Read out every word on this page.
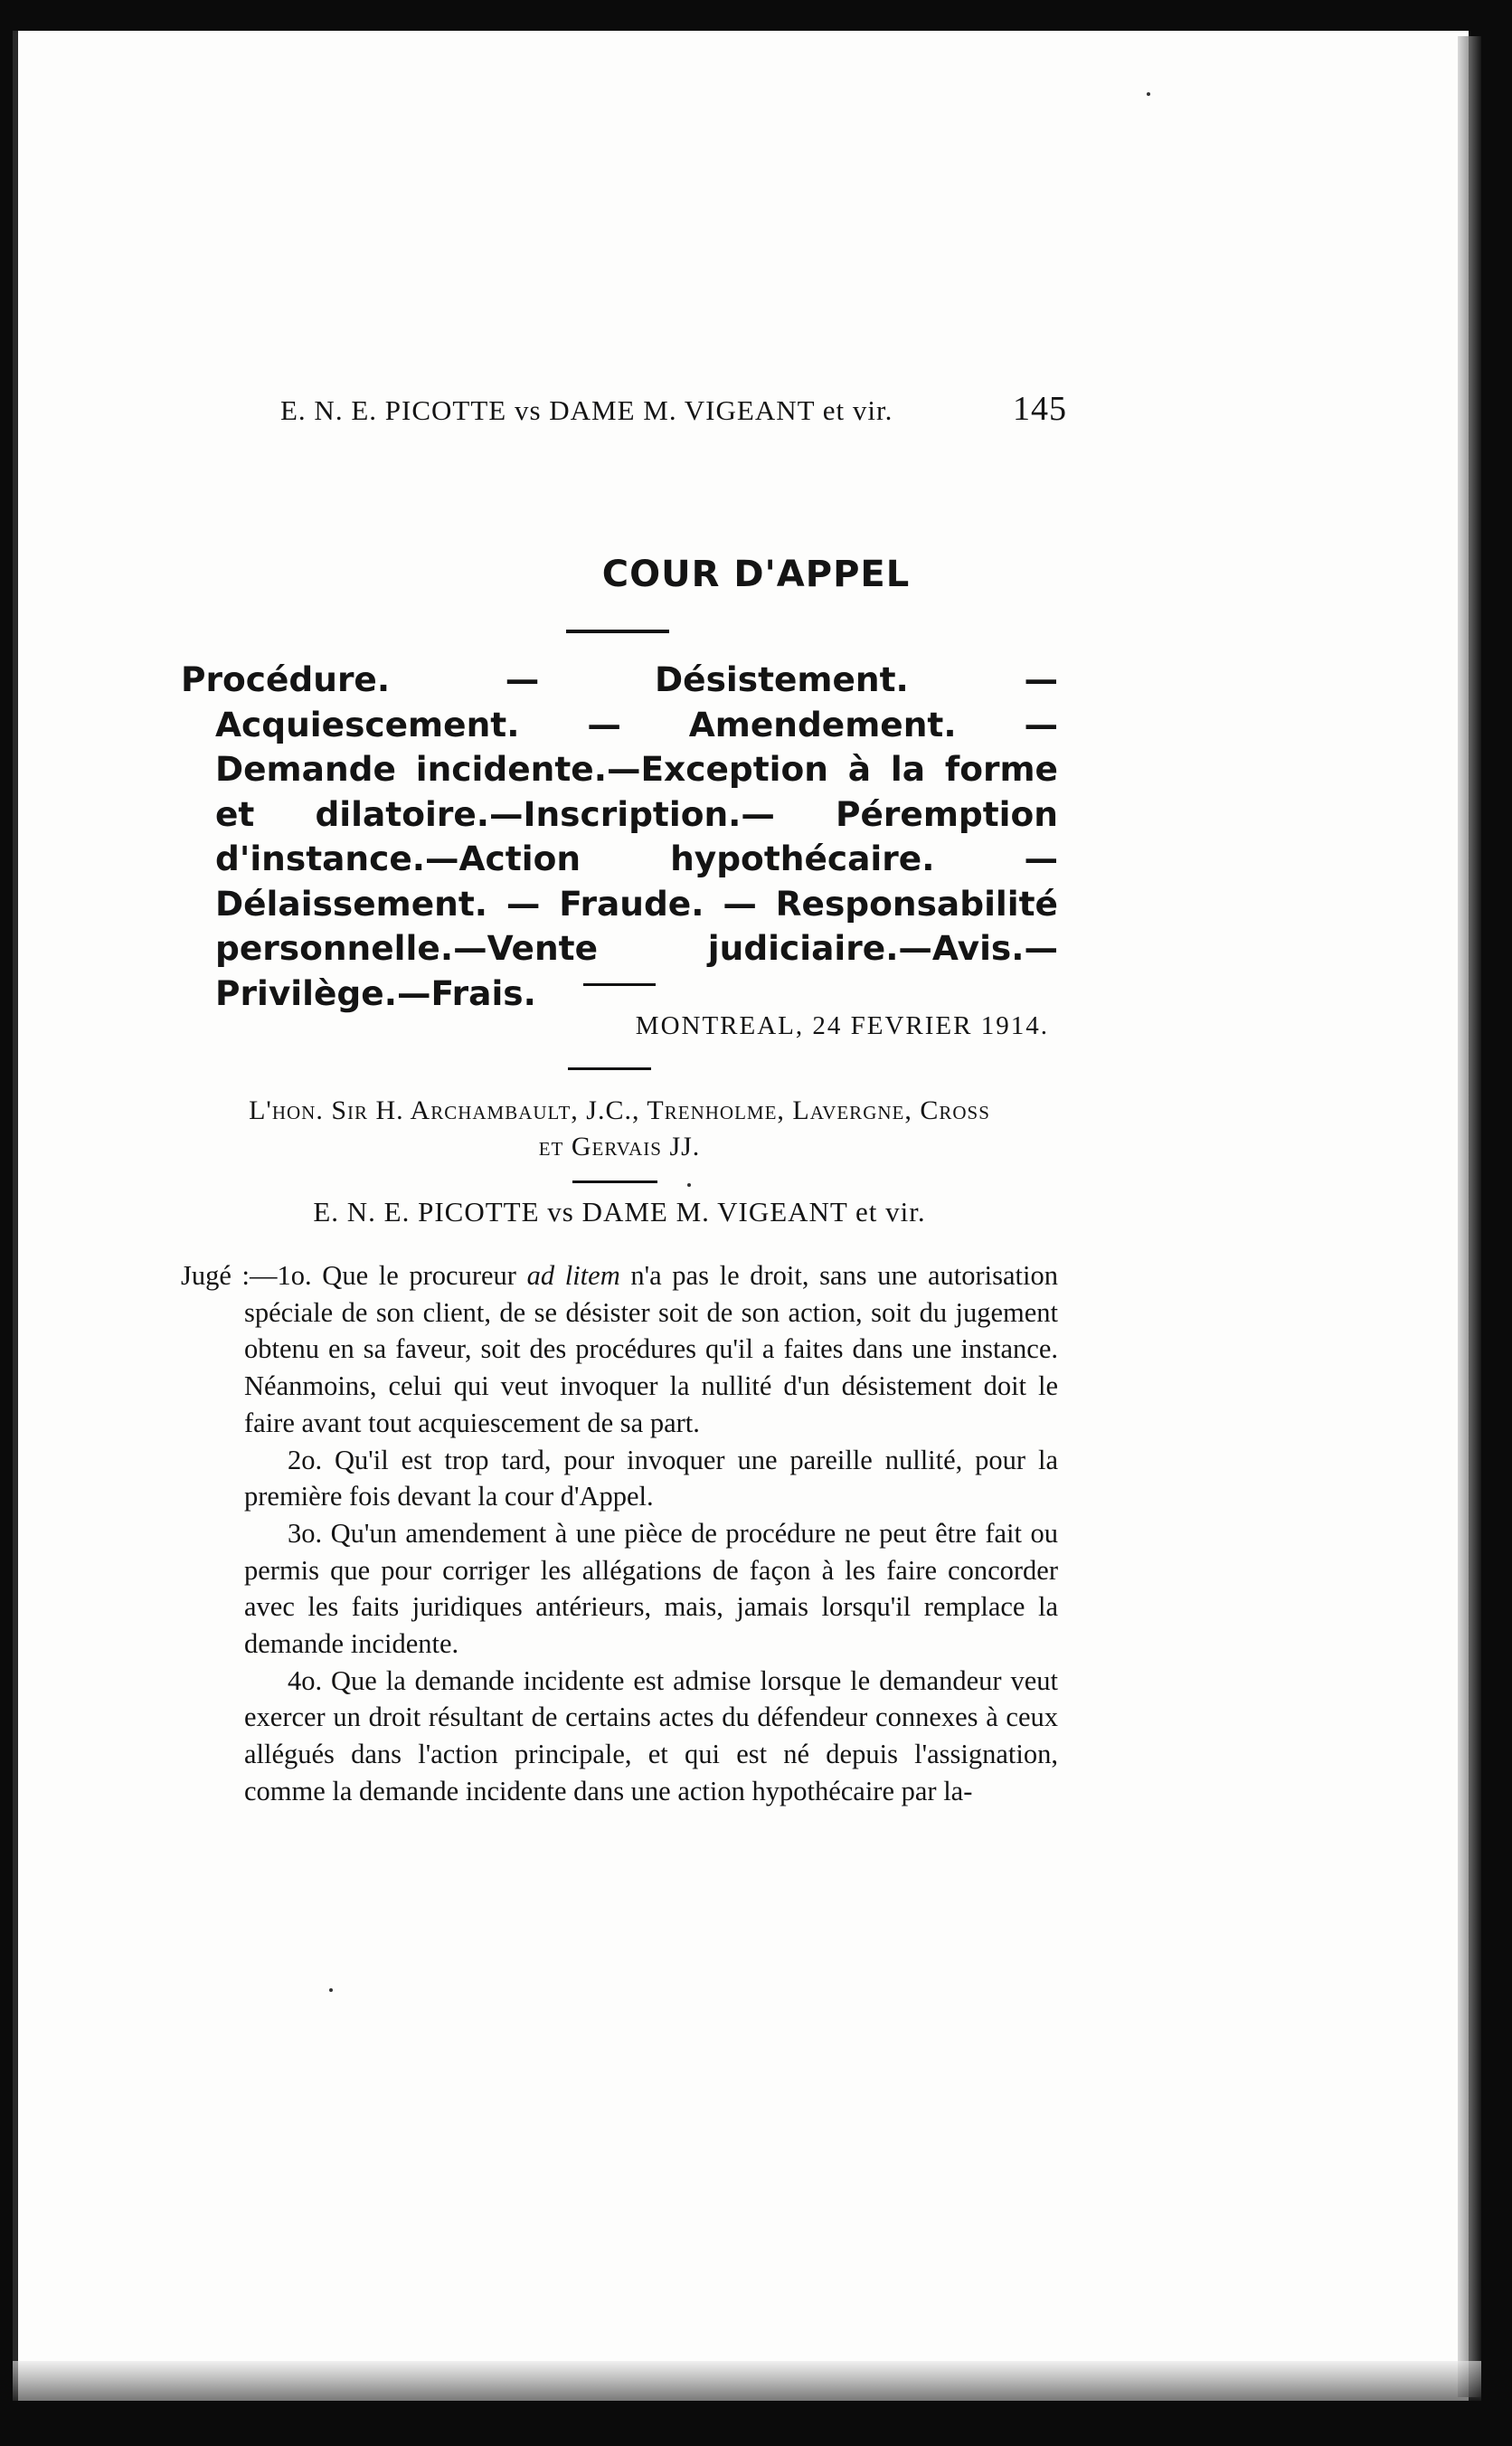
E. N. E. PICOTTE vs DAME M. VIGEANT et vir.	145
COUR D'APPEL
Procédure. — Désistement. — Acquiescement. — Amendement. — Demande incidente.—Exception à la forme et dilatoire.—Inscription.— Péremption d'instance.—Action hypothécaire. —Délaissement. — Fraude. — Responsabilité personnelle.—Vente judiciaire.—Avis.— Privilège.—Frais.
MONTREAL, 24 FEVRIER 1914.
L'hon. Sir H. Archambault, J.C., Trenholme, Lavergne, Cross
et Gervais JJ.
E. N. E. PICOTTE vs DAME M. VIGEANT et vir.

Jugé :—1o. Que le procureur ad litem n'a pas le droit, sans une autorisation spéciale de son client, de se désister soit de son action, soit du jugement obtenu en sa faveur, soit des procédures qu'il a faites dans une instance. Néanmoins, celui qui veut invoquer la nullité d'un désistement doit le faire avant tout acquiescement de sa part.

2o. Qu'il est trop tard, pour invoquer une pareille nullité, pour la première fois devant la cour d'Appel.

3o. Qu'un amendement à une pièce de procédure ne peut être fait ou permis que pour corriger les allégations de façon à les faire concorder avec les faits juridiques antérieurs, mais, jamais lorsqu'il remplace la demande incidente.

4o. Que la demande incidente est admise lorsque le demandeur veut exercer un droit résultant de certains actes du défendeur connexes à ceux allégués dans l'action principale, et qui est né depuis l'assignation, comme la demande incidente dans une action hypothécaire par la-
